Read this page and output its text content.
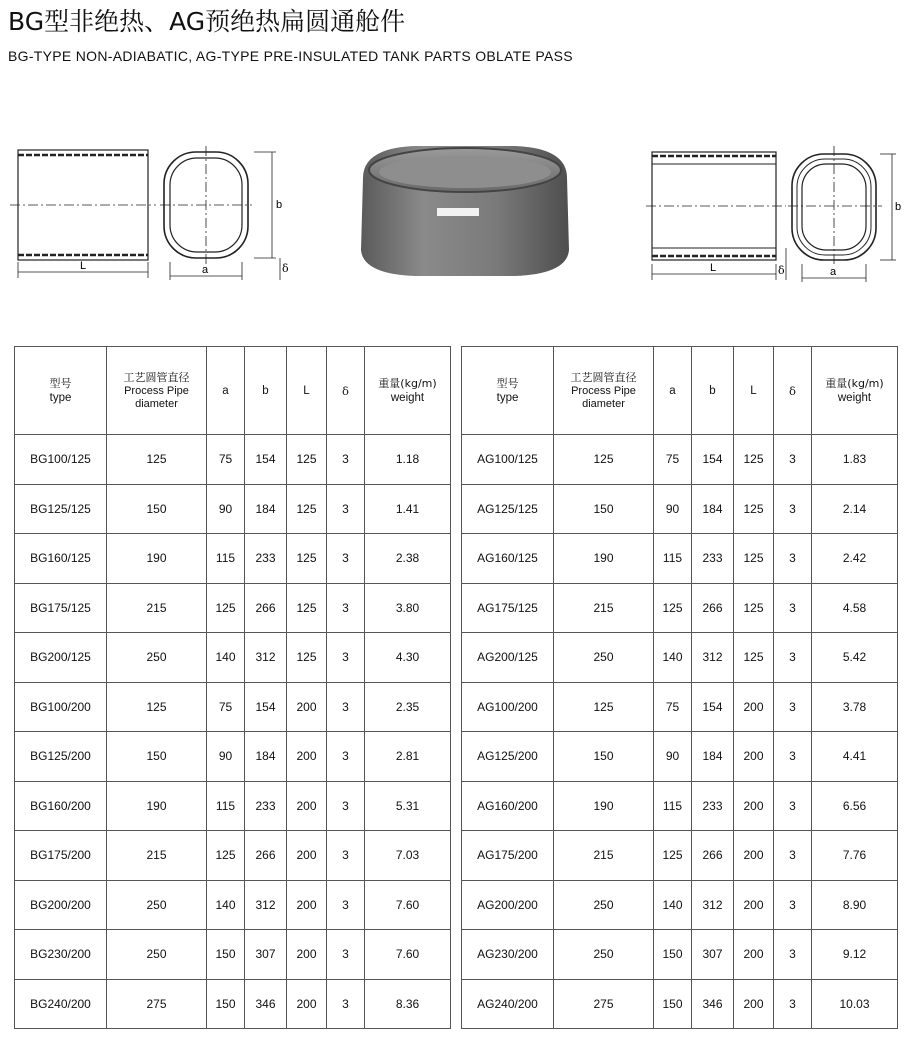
BG型非绝热、AG预绝热扁圆通舱件
BG-TYPE NON-ADIABATIC, AG-TYPE PRE-INSULATED TANK PARTS OBLATE PASS
L	a
b
δ	L	a
b
δ
型号
type	工艺圆管直径
Process Pipe
diameter	a	b	L	δ	重量(kg/m)
weight

BG100/125	125	75	154	125	3	1.18
BG125/125	150	90	184	125	3	1.41
BG160/125	190	115	233	125	3	2.38
BG175/125	215	125	266	125	3	3.80
BG200/125	250	140	312	125	3	4.30
BG100/200	125	75	154	200	3	2.35
BG125/200	150	90	184	200	3	2.81
BG160/200	190	115	233	200	3	5.31
BG175/200	215	125	266	200	3	7.03
BG200/200	250	140	312	200	3	7.60
BG230/200	250	150	307	200	3	7.60
BG240/200	275	150	346	200	3	8.36
型号
type	工艺圆管直径
Process Pipe
diameter	a	b	L	δ	重量(kg/m)
weight

AG100/125	125	75	154	125	3	1.83
AG125/125	150	90	184	125	3	2.14
AG160/125	190	115	233	125	3	2.42
AG175/125	215	125	266	125	3	4.58
AG200/125	250	140	312	125	3	5.42
AG100/200	125	75	154	200	3	3.78
AG125/200	150	90	184	200	3	4.41
AG160/200	190	115	233	200	3	6.56
AG175/200	215	125	266	200	3	7.76
AG200/200	250	140	312	200	3	8.90
AG230/200	250	150	307	200	3	9.12
AG240/200	275	150	346	200	3	10.03
